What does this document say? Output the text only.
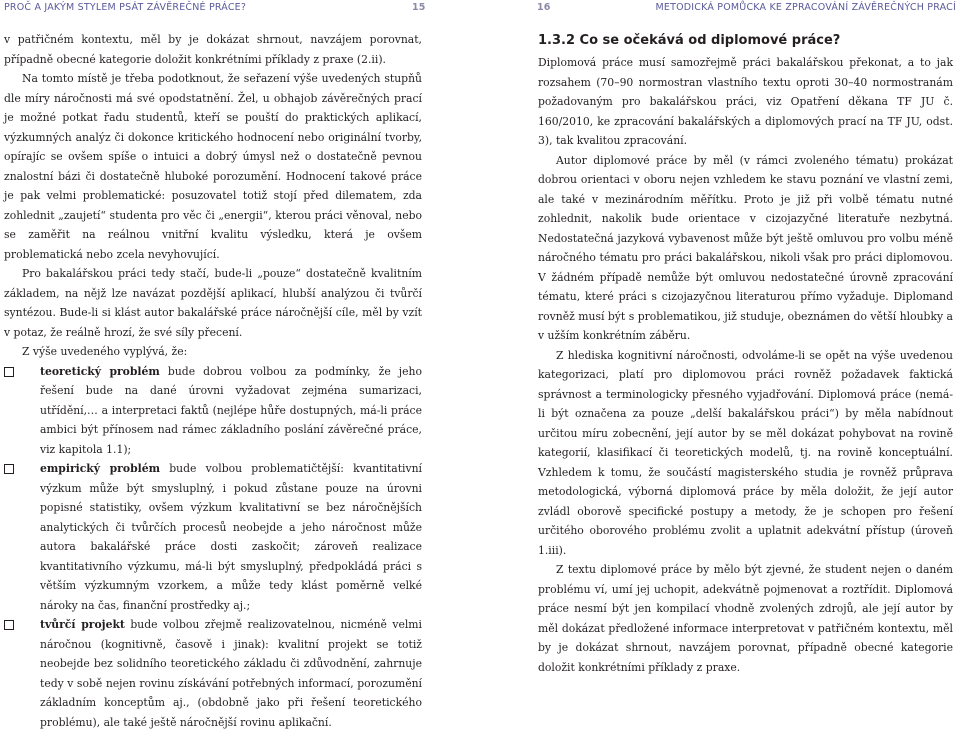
PROČ A JAKÝM STYLEM PSÁT ZÁVĚREČNÉ PRÁCE?	15

v patřičném kontextu, měl by je dokázat shrnout, navzájem porovnat, případně obecné kategorie doložit konkrétními příklady z praxe (2.ii).

Na tomto místě je třeba podotknout, že seřazení výše uvedených stupňů dle míry náročnosti má své opodstatnění. Žel, u obhajob závěrečných prací je možné potkat řadu studentů, kteří se pouští do praktických aplikací, výzkumných analýz či dokonce kritického hodnocení nebo originální tvorby, opírajíc se ovšem spíše o intuici a dobrý úmysl než o dostatečně pevnou znalostní bázi či dostatečně hluboké porozumění. Hodnocení takové práce je pak velmi problematické: posuzovatel totiž stojí před dilematem, zda zohlednit „zaujetí“ studenta pro věc či „energii“, kterou práci věnoval, nebo se zaměřit na reálnou vnitřní kvalitu výsledku, která je ovšem problematická nebo zcela nevyhovující.

Pro bakalářskou práci tedy stačí, bude-li „pouze“ dostatečně kvalitním základem, na nějž lze navázat pozdější aplikací, hlubší analýzou či tvůrčí syntézou. Bude-li si klást autor bakalářské práce náročnější cíle, měl by vzít v potaz, že reálně hrozí, že své síly přecení.

Z výše uvedeného vyplývá, že:

teoretický problém bude dobrou volbou za podmínky, že jeho řešení bude na dané úrovni vyžadovat zejména sumarizaci, utřídění,… a interpretaci faktů (nejlépe hůře dostupných, má-li práce ambici být přínosem nad rámec základního poslání závěrečné práce, viz kapitola 1.1);
empirický problém bude volbou problematičtější: kvantitativní výzkum může být smysluplný, i pokud zůstane pouze na úrovni popisné statistiky, ovšem výzkum kvalitativní se bez náročnějších analytických či tvůrčích procesů neobejde a jeho náročnost může autora bakalářské práce dosti zaskočit; zároveň realizace kvantitativního výzkumu, má-li být smysluplný, předpokládá práci s větším výzkumným vzorkem, a může tedy klást poměrně velké nároky na čas, finanční prostředky aj.;
tvůrčí projekt bude volbou zřejmě realizovatelnou, nicméně velmi náročnou (kognitivně, časově i jinak): kvalitní projekt se totiž neobejde bez solidního teoretického základu či zdůvodnění, zahrnuje tedy v sobě nejen rovinu získávání potřebných informací, porozumění základním konceptům aj., (obdobně jako při řešení teoretického problému), ale také ještě náročnější rovinu aplikační.
16	METODICKÁ POMŮCKA KE ZPRACOVÁNÍ ZÁVĚREČNÝCH PRACÍ
1.3.2 Co se očekává od diplomové práce?

Diplomová práce musí samozřejmě práci bakalářskou překonat, a to jak rozsahem (70–90 normostran vlastního textu oproti 30–40 normostranám požadovaným pro bakalářskou práci, viz Opatření děkana TF JU č. 160/2010, ke zpracování bakalářských a diplomových prací na TF JU, odst. 3), tak kvalitou zpracování.

Autor diplomové práce by měl (v rámci zvoleného tématu) prokázat dobrou orientaci v oboru nejen vzhledem ke stavu poznání ve vlastní zemi, ale také v mezinárodním měřítku. Proto je již při volbě tématu nutné zohlednit, nakolik bude orientace v cizojazyčné literatuře nezbytná. Nedostatečná jazyková vybavenost může být ještě omluvou pro volbu méně náročného tématu pro práci bakalářskou, nikoli však pro práci diplomovou. V žádném případě nemůže být omluvou nedostatečné úrovně zpracování tématu, které práci s cizojazyčnou literaturou přímo vyžaduje. Diplomand rovněž musí být s problematikou, již studuje, obeznámen do větší hloubky a v užším konkrétním záběru.

Z hlediska kognitivní náročnosti, odvoláme-li se opět na výše uvedenou kategorizaci, platí pro diplomovou práci rovněž požadavek faktická správnost a terminologicky přesného vyjadřování. Diplomová práce (nemá-li být označena za pouze „delší bakalářskou práci“) by měla nabídnout určitou míru zobecnění, její autor by se měl dokázat pohybovat na rovině kategorií, klasifikací či teoretických modelů, tj. na rovině konceptuální. Vzhledem k tomu, že součástí magisterského studia je rovněž průprava metodologická, výborná diplomová práce by měla doložit, že její autor zvládl oborově specifické postupy a metody, že je schopen pro řešení určitého oborového problému zvolit a uplatnit adekvátní přístup (úroveň 1.iii).

Z textu diplomové práce by mělo být zjevné, že student nejen o daném problému ví, umí jej uchopit, adekvátně pojmenovat a roztřídit. Diplomová práce nesmí být jen kompilací vhodně zvolených zdrojů, ale její autor by měl dokázat předložené informace interpretovat v patřičném kontextu, měl by je dokázat shrnout, navzájem porovnat, případně obecné kategorie doložit konkrétními příklady z praxe.
